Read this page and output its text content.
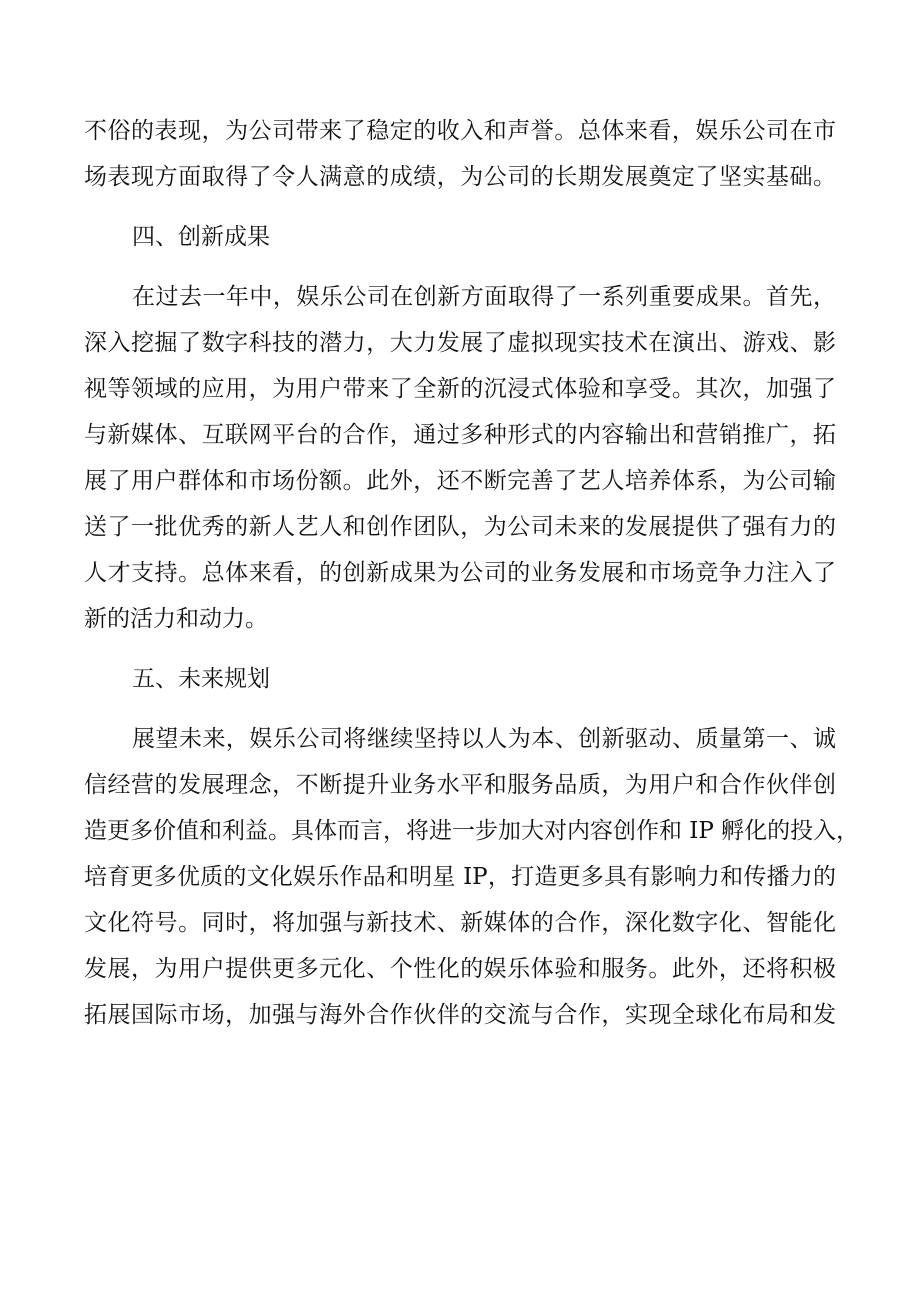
不俗的表现，为公司带来了稳定的收入和声誉。总体来看，娱乐公司在市

场表现方面取得了令人满意的成绩，为公司的长期发展奠定了坚实基础。

四、创新成果

在过去一年中，娱乐公司在创新方面取得了一系列重要成果。首先，

深入挖掘了数字科技的潜力，大力发展了虚拟现实技术在演出、游戏、影

视等领域的应用，为用户带来了全新的沉浸式体验和享受。其次，加强了

与新媒体、互联网平台的合作，通过多种形式的内容输出和营销推广，拓

展了用户群体和市场份额。此外，还不断完善了艺人培养体系，为公司输

送了一批优秀的新人艺人和创作团队，为公司未来的发展提供了强有力的

人才支持。总体来看，的创新成果为公司的业务发展和市场竞争力注入了

新的活力和动力。

五、未来规划

展望未来，娱乐公司将继续坚持以人为本、创新驱动、质量第一、诚

信经营的发展理念，不断提升业务水平和服务品质，为用户和合作伙伴创

造更多价值和利益。具体而言，将进一步加大对内容创作和 IP 孵化的投入，

培育更多优质的文化娱乐作品和明星 IP，打造更多具有影响力和传播力的

文化符号。同时，将加强与新技术、新媒体的合作，深化数字化、智能化

发展，为用户提供更多元化、个性化的娱乐体验和服务。此外，还将积极

拓展国际市场，加强与海外合作伙伴的交流与合作，实现全球化布局和发
